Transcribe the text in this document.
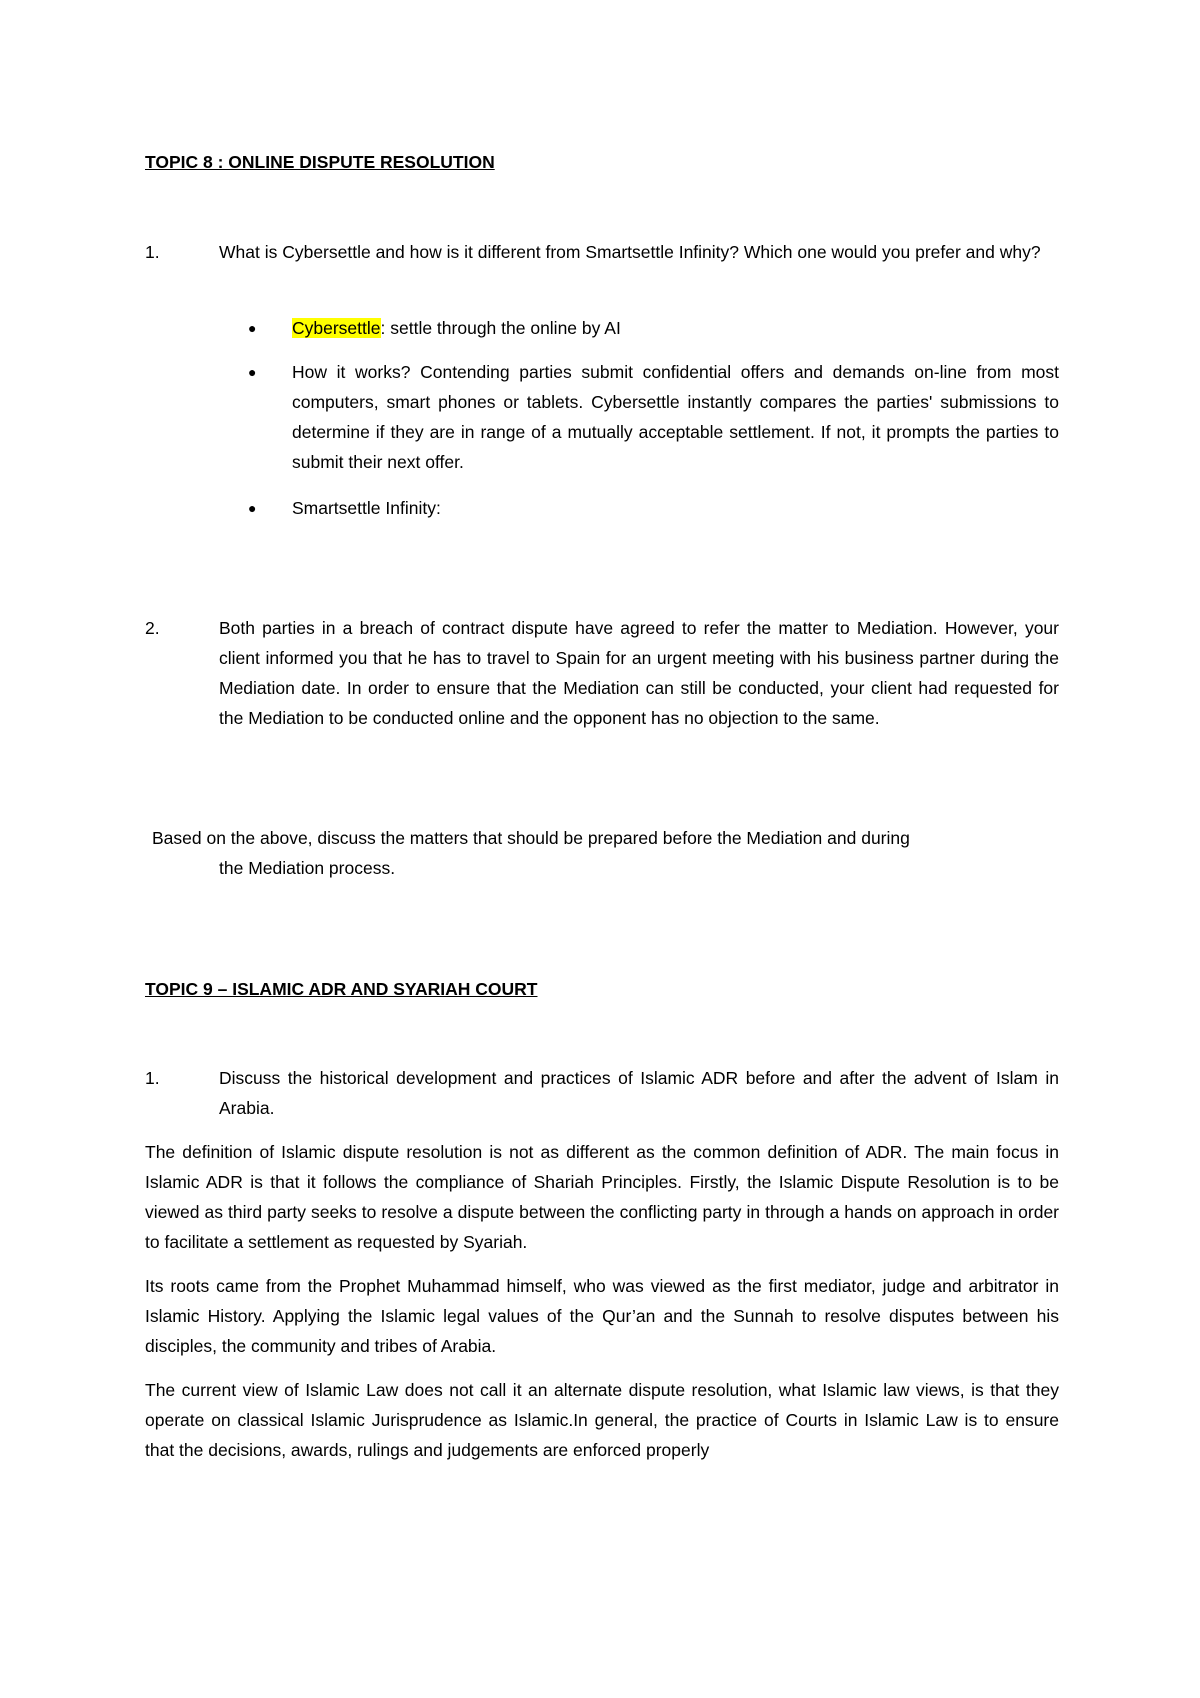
TOPIC 8 : ONLINE DISPUTE RESOLUTION
1.	What is Cybersettle and how is it different from Smartsettle Infinity? Which one would you prefer and why?
● Cybersettle: settle through the online by AI
● How it works? Contending parties submit confidential offers and demands on-line from most computers, smart phones or tablets. Cybersettle instantly compares the parties' submissions to determine if they are in range of a mutually acceptable settlement. If not, it prompts the parties to submit their next offer.
● Smartsettle Infinity:
2.	Both parties in a breach of contract dispute have agreed to refer the matter to Mediation. However, your client informed you that he has to travel to Spain for an urgent meeting with his business partner during the Mediation date. In order to ensure that the Mediation can still be conducted, your client had requested for the Mediation to be conducted online and the opponent has no objection to the same.
Based on the above, discuss the matters that should be prepared before the Mediation and during
the Mediation process.
TOPIC 9 – ISLAMIC ADR AND SYARIAH COURT
1.	Discuss the historical development and practices of Islamic ADR before and after the advent of Islam in Arabia.
The definition of Islamic dispute resolution is not as different as the common definition of ADR. The main focus in Islamic ADR is that it follows the compliance of Shariah Principles. Firstly, the Islamic Dispute Resolution is to be viewed as third party seeks to resolve a dispute between the conflicting party in through a hands on approach in order to facilitate a settlement as requested by Syariah.
Its roots came from the Prophet Muhammad himself, who was viewed as the first mediator, judge and arbitrator in Islamic History. Applying the Islamic legal values of the Qur’an and the Sunnah to resolve disputes between his disciples, the community and tribes of Arabia.
The current view of Islamic Law does not call it an alternate dispute resolution, what Islamic law views, is that they operate on classical Islamic Jurisprudence as Islamic.In general, the practice of Courts in Islamic Law is to ensure that the decisions, awards, rulings and judgements are enforced properly
